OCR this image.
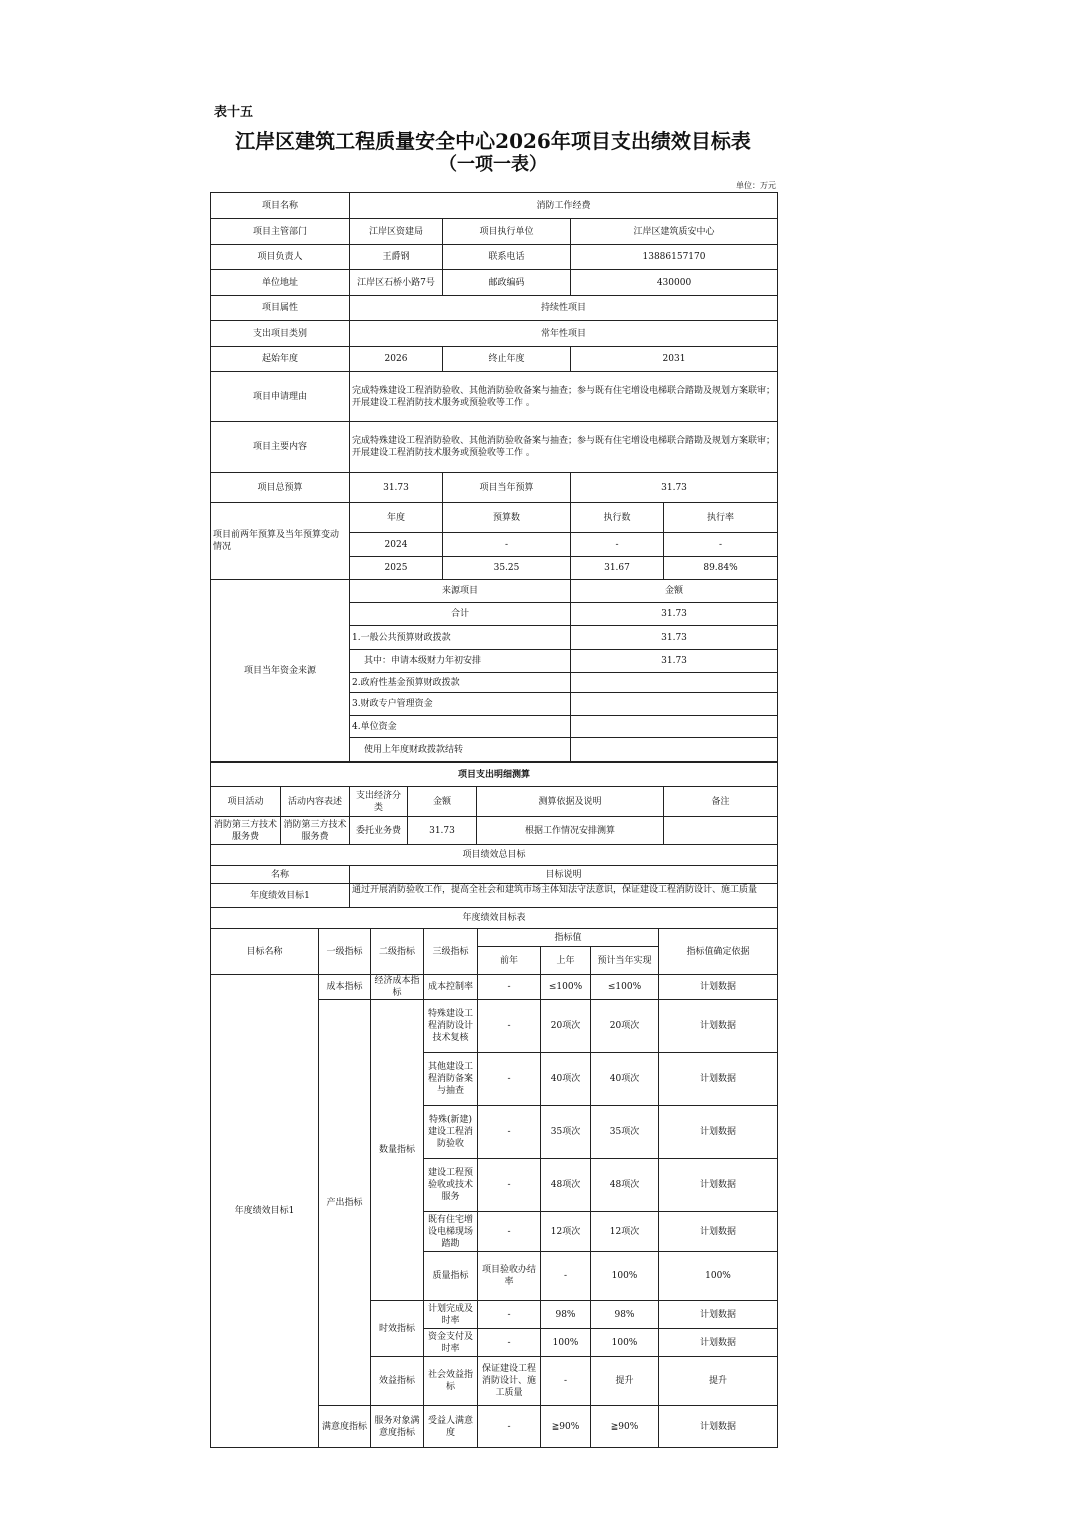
表十五
江岸区建筑工程质量安全中心2026年项目支出绩效目标表
（一项一表）
单位：万元
项目名称	消防工作经费			
项目主管部门	江岸区资建局	项目执行单位	江岸区建筑质安中心	
项目负责人	王爵钢	联系电话	13886157170	
单位地址	江岸区石桥小路7号	邮政编码	430000	
项目属性	持续性项目			
支出项目类别	常年性项目			
起始年度	2026	终止年度	2031	
项目申请理由	完成特殊建设工程消防验收、其他消防验收备案与抽查；参与既有住宅增设电梯联合踏勘及规划方案联审；开展建设工程消防技术服务或预验收等工作 。			
项目主要内容	完成特殊建设工程消防验收、其他消防验收备案与抽查；参与既有住宅增设电梯联合踏勘及规划方案联审；开展建设工程消防技术服务或预验收等工作 。			
项目总预算	31.73	项目当年预算	31.73	
项目前两年预算及当年预算变动情况	年度	预算数	执行数	执行率
	2024	-	-	-
	2025	35.25	31.67	89.84%
项目当年资金来源	来源项目		金额	
	合计		31.73	
	1.一般公共预算财政拨款		31.73	
	其中：申请本级财力年初安排		31.73	
	2.政府性基金预算财政拨款			
	3.财政专户管理资金			
	4.单位资金			
	使用上年度财政拨款结转			
项目支出明细测算					
项目活动	活动内容表述	支出经济分类	金额	测算依据及说明	备注
消防第三方技术服务费	消防第三方技术服务费	委托业务费	31.73	根据工作情况安排测算	
项目绩效总目标					
名称		目标说明			
年度绩效目标1		通过开展消防验收工作，提高全社会和建筑市场主体知法守法意识，保证建设工程消防设计、施工质量			
年度绩效目标表					
目标名称	一级指标	二级指标	三级指标	指标值			指标值确定依据	
				前年	上年	预计当年实现		
年度绩效目标1	成本指标	经济成本指标	成本控制率	-	≤100%	≤100%	计划数据	
	产出指标	数量指标	特殊建设工程消防设计技术复核	-	20项次	20项次	计划数据	
			其他建设工程消防备案与抽查	-	40项次	40项次	计划数据	
			特殊(新建)建设工程消防验收	-	35项次	35项次	计划数据	
			建设工程预验收或技术服务	-	48项次	48项次	计划数据	
			既有住宅增设电梯现场踏勘	-	12项次	12项次	计划数据	
			质量指标	项目验收办结率	-	100%	100%	
		时效指标	计划完成及时率	-	98%	98%	计划数据	
			资金支付及时率	-	100%	100%	计划数据	
		效益指标	社会效益指标	保证建设工程消防设计、施工质量	-	提升	提升	
	满意度指标	服务对象满意度指标	受益人满意度	-	≧90%	≧90%	计划数据	
